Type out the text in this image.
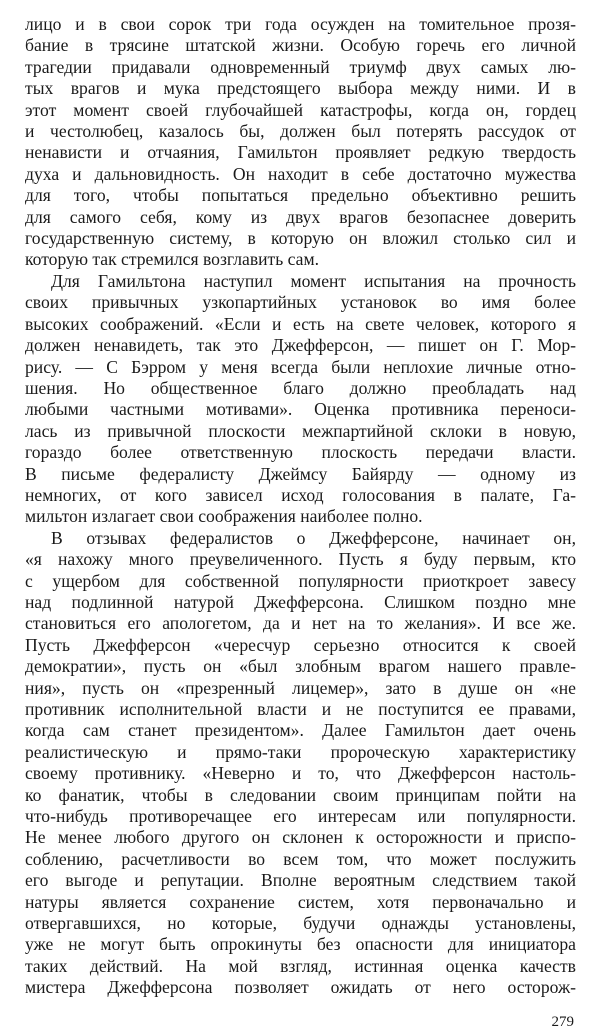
лицо и в свои сорок три года осужден на томительное прозя-
бание в трясине штатской жизни. Особую горечь его личной
трагедии придавали одновременный триумф двух самых лю-
тых врагов и мука предстоящего выбора между ними. И в
этот момент своей глубочайшей катастрофы, когда он, гордец
и честолюбец, казалось бы, должен был потерять рассудок от
ненависти и отчаяния, Гамильтон проявляет редкую твердость
духа и дальновидность. Он находит в себе достаточно мужества
для того, чтобы попытаться предельно объективно решить
для самого себя, кому из двух врагов безопаснее доверить
государственную систему, в которую он вложил столько сил и
которую так стремился возглавить сам.
Для Гамильтона наступил момент испытания на прочность
своих привычных узкопартийных установок во имя более
высоких соображений. «Если и есть на свете человек, которого я
должен ненавидеть, так это Джефферсон, — пишет он Г. Мор-
рису. — С Бэрром у меня всегда были неплохие личные отно-
шения. Но общественное благо должно преобладать над
любыми частными мотивами». Оценка противника переноси-
лась из привычной плоскости межпартийной склоки в новую,
гораздо более ответственную плоскость передачи власти.
В письме федералисту Джеймсу Байярду — одному из
немногих, от кого зависел исход голосования в палате, Га-
мильтон излагает свои соображения наиболее полно.
В отзывах федералистов о Джефферсоне, начинает он,
«я нахожу много преувеличенного. Пусть я буду первым, кто
с ущербом для собственной популярности приоткроет завесу
над подлинной натурой Джефферсона. Слишком поздно мне
становиться его апологетом, да и нет на то желания». И все же.
Пусть Джефферсон «чересчур серьезно относится к своей
демократии», пусть он «был злобным врагом нашего правле-
ния», пусть он «презренный лицемер», зато в душе он «не
противник исполнительной власти и не поступится ее правами,
когда сам станет президентом». Далее Гамильтон дает очень
реалистическую и прямо-таки пророческую характеристику
своему противнику. «Неверно и то, что Джефферсон настоль-
ко фанатик, чтобы в следовании своим принципам пойти на
что-нибудь противоречащее его интересам или популярности.
Не менее любого другого он склонен к осторожности и приспо-
соблению, расчетливости во всем том, что может послужить
его выгоде и репутации. Вполне вероятным следствием такой
натуры является сохранение систем, хотя первоначально и
отвергавшихся, но которые, будучи однажды установлены,
уже не могут быть опрокинуты без опасности для инициатора
таких действий. На мой взгляд, истинная оценка качеств
мистера Джефферсона позволяет ожидать от него осторож-
279
